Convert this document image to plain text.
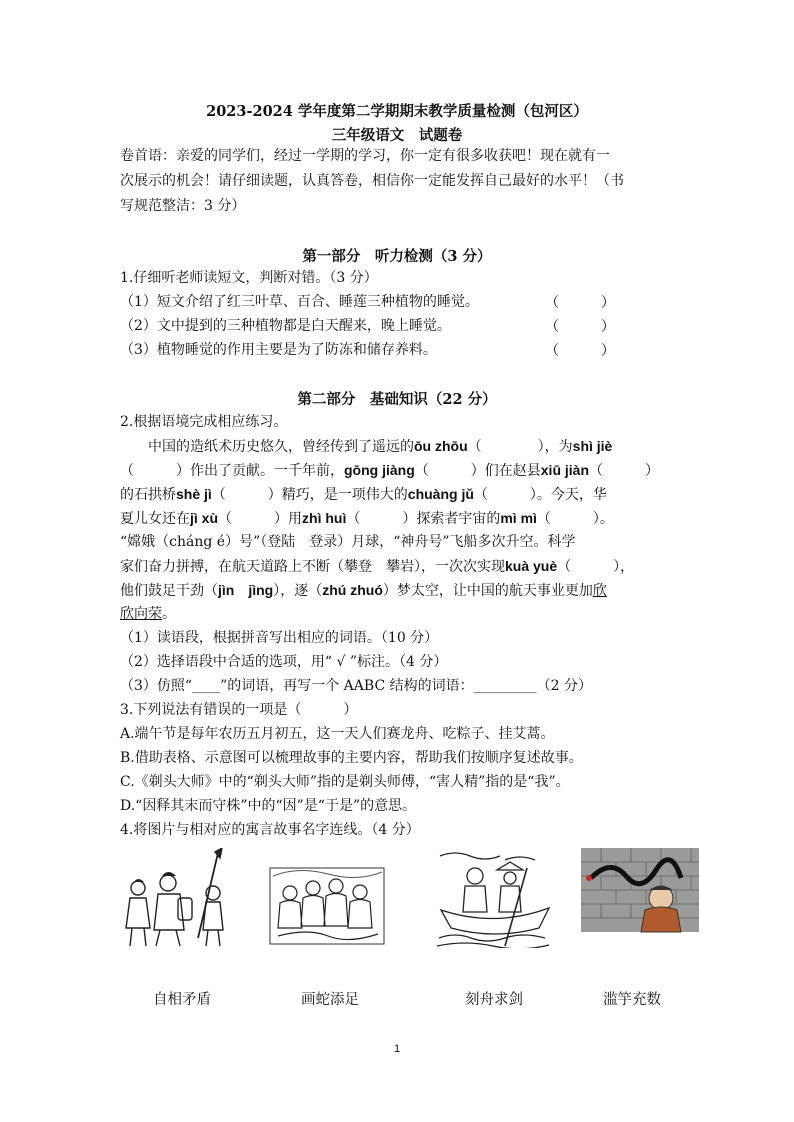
2023-2024 学年度第二学期期末教学质量检测（包河区）
三年级语文　试题卷
卷首语：亲爱的同学们，经过一学期的学习，你一定有很多收获吧！现在就有一
次展示的机会！请仔细读题，认真答卷，相信你一定能发挥自己最好的水平！（书
写规范整洁：3 分）
第一部分　听力检测（3 分）
1.仔细听老师读短文，判断对错。（3 分）
（1）短文介绍了红三叶草、百合、睡莲三种植物的睡觉。	（　　　）
（2）文中提到的三种植物都是白天醒来，晚上睡觉。	（　　　）
（3）植物睡觉的作用主要是为了防冻和储存养料。	（　　　）
第二部分　基础知识（22 分）
2.根据语境完成相应练习。
中国的造纸术历史悠久，曾经传到了遥远的ōu zhōu（　　　　），为shì jiè
（　　　）作出了贡献。一千年前，gōng jiàng（　　　）们在赵县xiū jiàn（　　　）
的石拱桥shè jì（　　　）精巧，是一项伟大的chuàng jǔ（　　　）。今天，华
夏儿女还在jì xù（　　　）用zhì huì（　　　）探索者宇宙的mì mì（　　　）。
“嫦娥（cháng é）号”（登陆　登录）月球，“神舟号”飞船多次升空。科学
家们奋力拼搏，在航天道路上不断（攀登　攀岩），一次次实现kuà yuè（　　　），
他们鼓足干劲（jìn　jìng），逐（zhú zhuó）梦太空，让中国的航天事业更加欣
欣向荣。
（1）读语段，根据拼音写出相应的词语。（10 分）
（2）选择语段中合适的选项，用“ √ ”标注。（4 分）
（3）仿照“____”的词语，再写一个 AABC 结构的词语：_________（2 分）
3.下列说法有错误的一项是（　　　）
A.端午节是每年农历五月初五，这一天人们赛龙舟、吃粽子、挂艾蒿。
B.借助表格、示意图可以梳理故事的主要内容，帮助我们按顺序复述故事。
C.《剃头大师》中的“剃头大师”指的是剃头师傅，“害人精”指的是“我”。
D.“因释其末而守株”中的“因”是“于是”的意思。
4.将图片与相对应的寓言故事名字连线。（4 分）
自相矛盾	画蛇添足	刻舟求剑	滥竽充数
1
